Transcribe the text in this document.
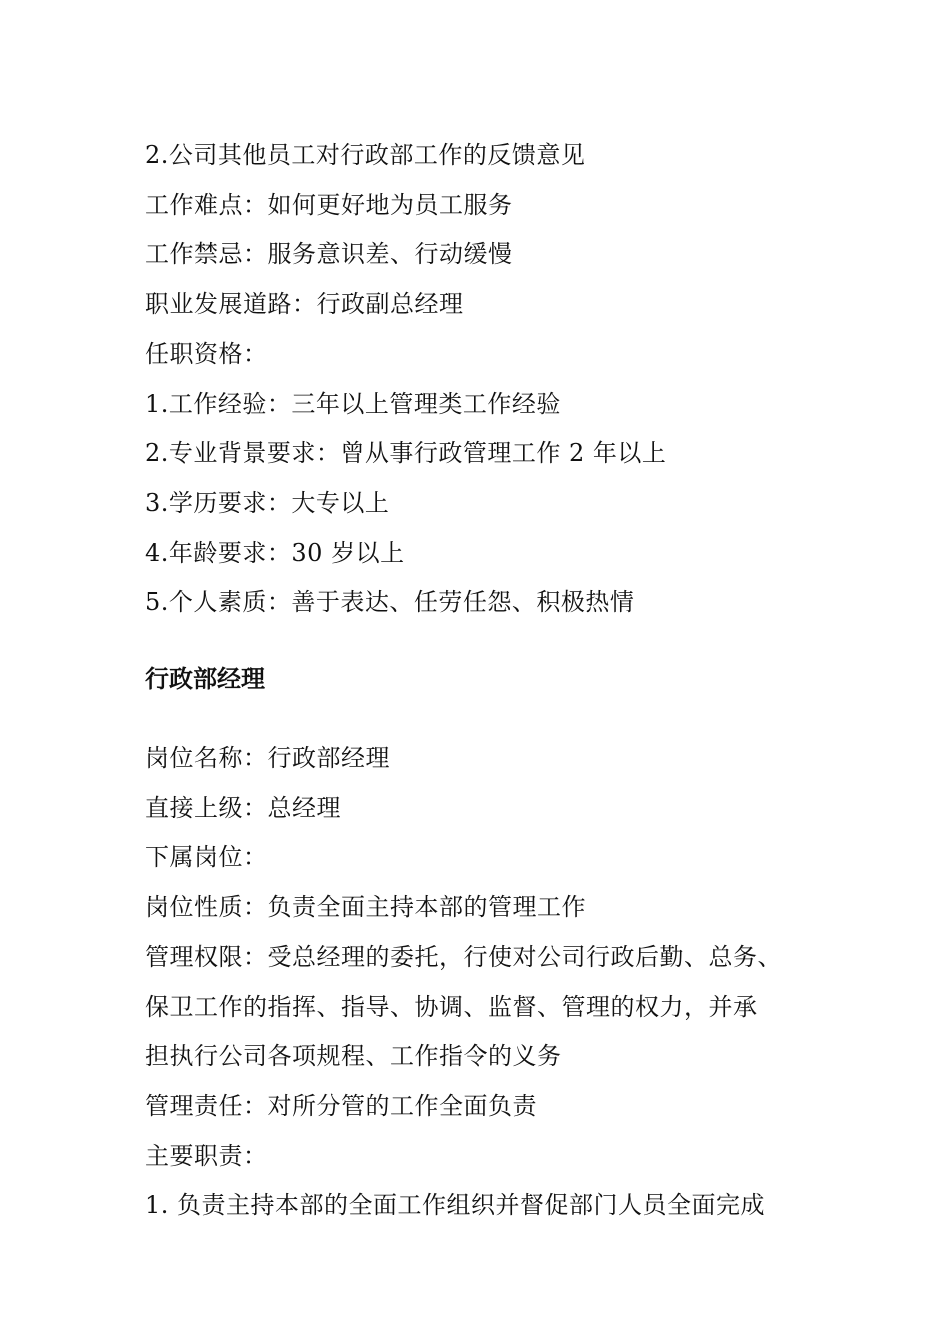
2.公司其他员工对行政部工作的反馈意见
工作难点：如何更好地为员工服务
工作禁忌：服务意识差、行动缓慢
职业发展道路：行政副总经理
任职资格：
1.工作经验：三年以上管理类工作经验
2.专业背景要求：曾从事行政管理工作 2 年以上
3.学历要求：大专以上
4.年龄要求：30 岁以上
5.个人素质：善于表达、任劳任怨、积极热情
行政部经理
岗位名称：行政部经理
直接上级：总经理
下属岗位：
岗位性质：负责全面主持本部的管理工作
管理权限：受总经理的委托，行使对公司行政后勤、总务、
保卫工作的指挥、指导、协调、监督、管理的权力，并承
担执行公司各项规程、工作指令的义务
管理责任：对所分管的工作全面负责
主要职责：
1. 负责主持本部的全面工作组织并督促部门人员全面完成
